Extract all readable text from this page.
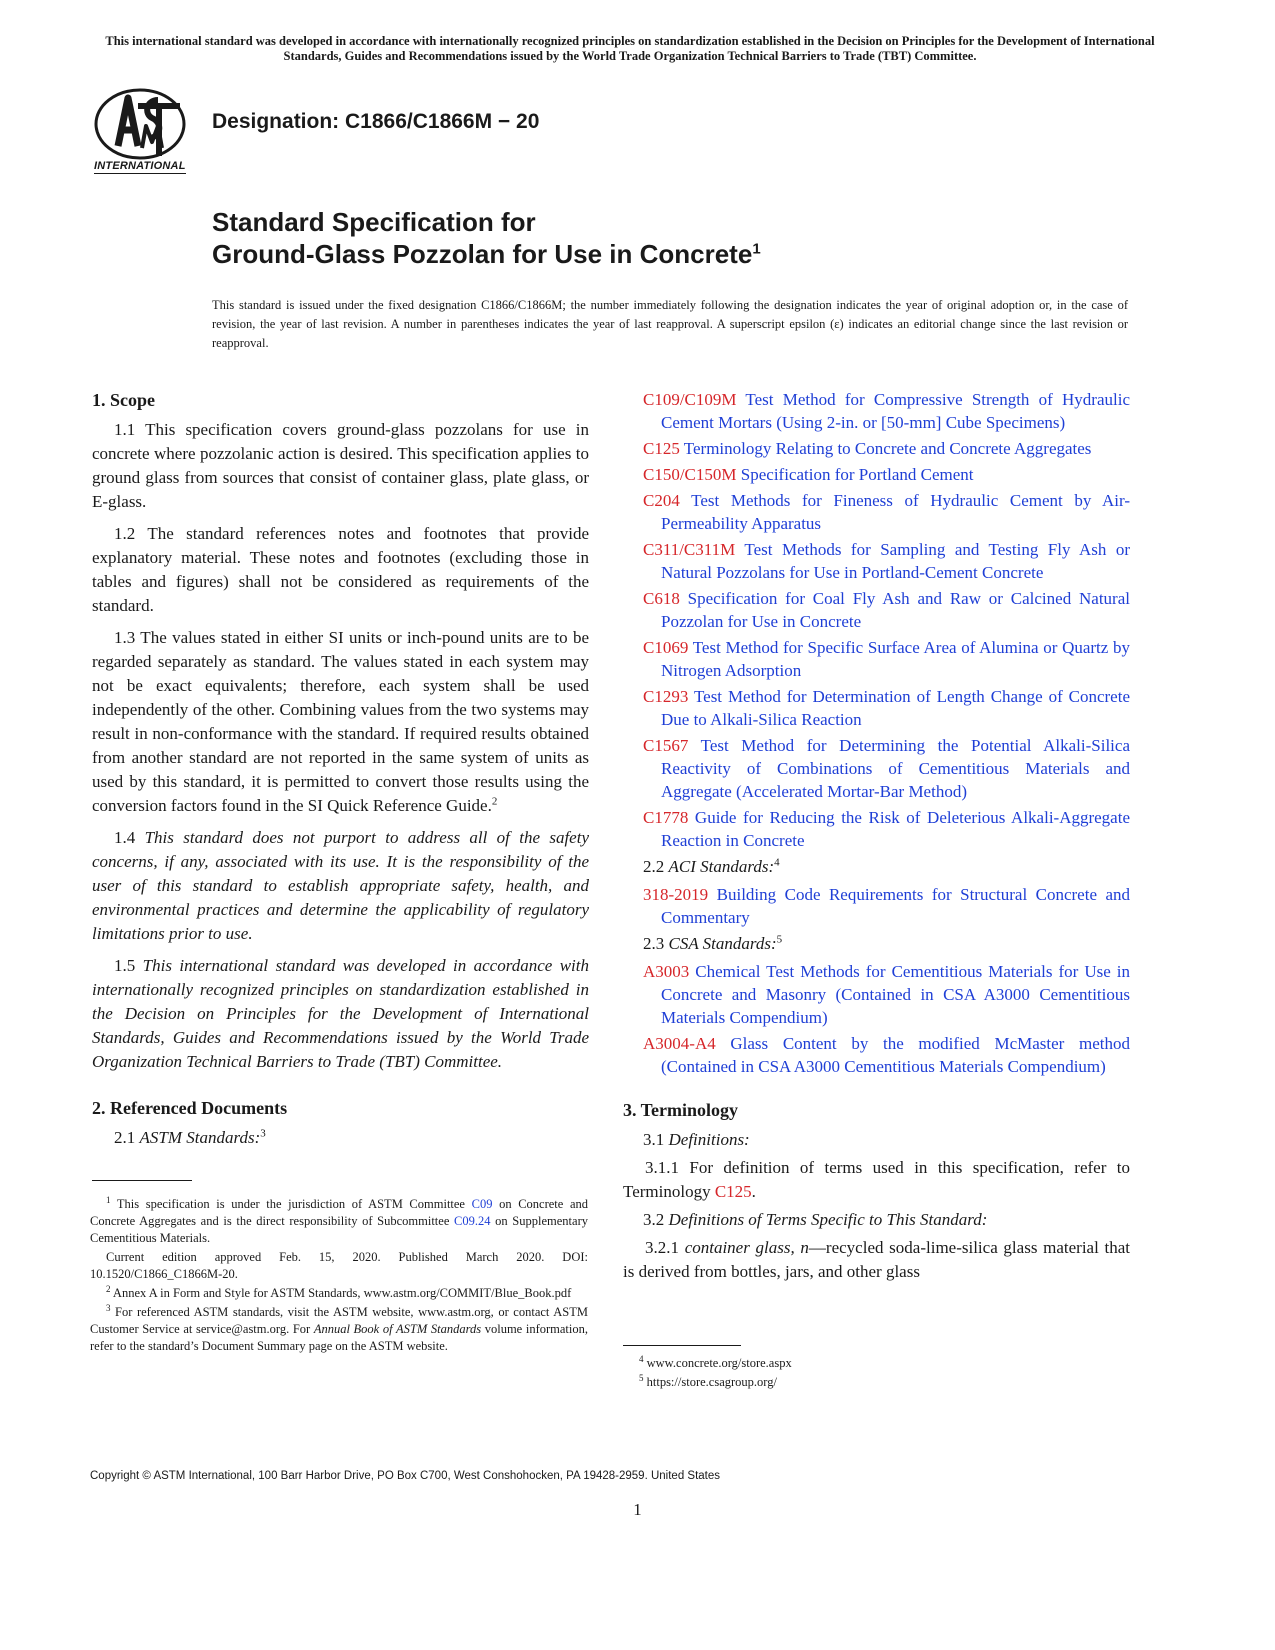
This international standard was developed in accordance with internationally recognized principles on standardization established in the Decision on Principles for the Development of International Standards, Guides and Recommendations issued by the World Trade Organization Technical Barriers to Trade (TBT) Committee.
INTERNATIONAL
Designation: C1866/C1866M − 20
Standard Specification for
Ground-Glass Pozzolan for Use in Concrete$^1$
This standard is issued under the fixed designation C1866/C1866M; the number immediately following the designation indicates the year of original adoption or, in the case of revision, the year of last revision. A number in parentheses indicates the year of last reapproval. A superscript epsilon (ε) indicates an editorial change since the last revision or reapproval.
1. Scope

1.1 This specification covers ground-glass pozzolans for use in concrete where pozzolanic action is desired. This specification applies to ground glass from sources that consist of container glass, plate glass, or E-glass.

1.2 The standard references notes and footnotes that provide explanatory material. These notes and footnotes (excluding those in tables and figures) shall not be considered as requirements of the standard.

1.3 The values stated in either SI units or inch-pound units are to be regarded separately as standard. The values stated in each system may not be exact equivalents; therefore, each system shall be used independently of the other. Combining values from the two systems may result in non-conformance with the standard. If required results obtained from another standard are not reported in the same system of units as used by this standard, it is permitted to convert those results using the conversion factors found in the SI Quick Reference Guide.$^2$

1.4 This standard does not purport to address all of the safety concerns, if any, associated with its use. It is the responsibility of the user of this standard to establish appropriate safety, health, and environmental practices and determine the applicability of regulatory limitations prior to use.

1.5 This international standard was developed in accordance with internationally recognized principles on standardization established in the Decision on Principles for the Development of International Standards, Guides and Recommendations issued by the World Trade Organization Technical Barriers to Trade (TBT) Committee.

2. Referenced Documents
2.1 ASTM Standards:$^3$

$^1$ This specification is under the jurisdiction of ASTM Committee C09 on Concrete and Concrete Aggregates and is the direct responsibility of Subcommittee C09.24 on Supplementary Cementitious Materials.

Current edition approved Feb. 15, 2020. Published March 2020. DOI: 10.1520/C1866_C1866M-20.

$^2$ Annex A in Form and Style for ASTM Standards, www.astm.org/COMMIT/Blue_Book.pdf

$^3$ For referenced ASTM standards, visit the ASTM website, www.astm.org, or contact ASTM Customer Service at service@astm.org. For Annual Book of ASTM Standards volume information, refer to the standard’s Document Summary page on the ASTM website.

C109/C109M Test Method for Compressive Strength of Hydraulic Cement Mortars (Using 2-in. or [50-mm] Cube Specimens)

C125 Terminology Relating to Concrete and Concrete Aggregates

C150/C150M Specification for Portland Cement

C204 Test Methods for Fineness of Hydraulic Cement by Air-Permeability Apparatus

C311/C311M Test Methods for Sampling and Testing Fly Ash or Natural Pozzolans for Use in Portland-Cement Concrete

C618 Specification for Coal Fly Ash and Raw or Calcined Natural Pozzolan for Use in Concrete

C1069 Test Method for Specific Surface Area of Alumina or Quartz by Nitrogen Adsorption

C1293 Test Method for Determination of Length Change of Concrete Due to Alkali-Silica Reaction

C1567 Test Method for Determining the Potential Alkali-Silica Reactivity of Combinations of Cementitious Materials and Aggregate (Accelerated Mortar-Bar Method)

C1778 Guide for Reducing the Risk of Deleterious Alkali-Aggregate Reaction in Concrete

2.2 ACI Standards:$^4$

318-2019 Building Code Requirements for Structural Concrete and Commentary

2.3 CSA Standards:$^5$

A3003 Chemical Test Methods for Cementitious Materials for Use in Concrete and Masonry (Contained in CSA A3000 Cementitious Materials Compendium)

A3004-A4 Glass Content by the modified McMaster method (Contained in CSA A3000 Cementitious Materials Compendium)

3. Terminology
3.1 Definitions:

3.1.1 For definition of terms used in this specification, refer to Terminology C125.

3.2 Definitions of Terms Specific to This Standard:

3.2.1 container glass, n—recycled soda-lime-silica glass material that is derived from bottles, jars, and other glass

$^4$ www.concrete.org/store.aspx

$^5$ https://store.csagroup.org/

Copyright © ASTM International, 100 Barr Harbor Drive, PO Box C700, West Conshohocken, PA 19428-2959. United States
1
